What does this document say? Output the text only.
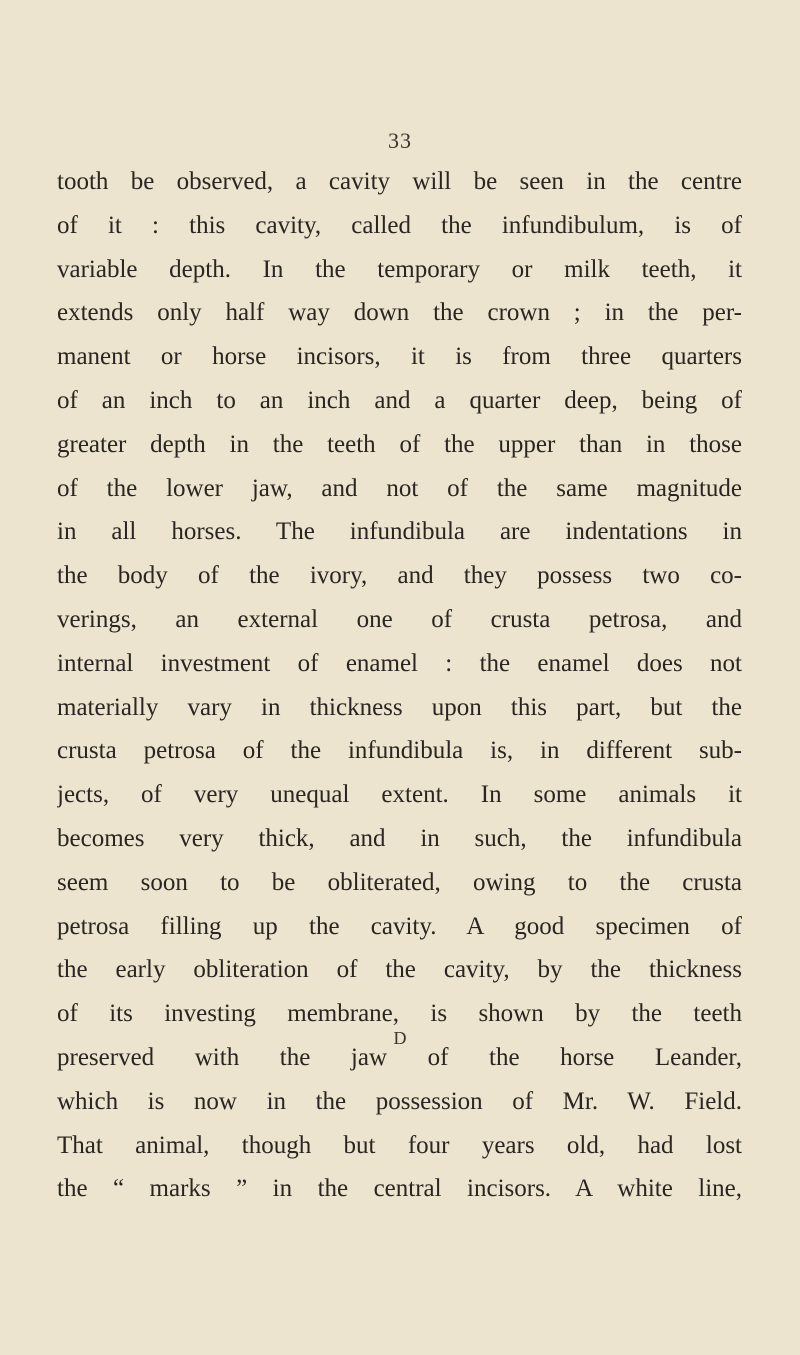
33
tooth be observed, a cavity will be seen in the centre
of it : this cavity, called the infundibulum, is of
variable depth. In the temporary or milk teeth, it
extends only half way down the crown ; in the per-
manent or horse incisors, it is from three quarters
of an inch to an inch and a quarter deep, being of
greater depth in the teeth of the upper than in those
of the lower jaw, and not of the same magnitude
in all horses. The infundibula are indentations in
the body of the ivory, and they possess two co-
verings, an external one of crusta petrosa, and
internal investment of enamel : the enamel does not
materially vary in thickness upon this part, but the
crusta petrosa of the infundibula is, in different sub-
jects, of very unequal extent. In some animals it
becomes very thick, and in such, the infundibula
seem soon to be obliterated, owing to the crusta
petrosa filling up the cavity. A good specimen of
the early obliteration of the cavity, by the thickness
of its investing membrane, is shown by the teeth
preserved with the jaw of the horse Leander,
which is now in the possession of Mr. W. Field.
That animal, though but four years old, had lost
the “ marks ” in the central incisors. A white line,
D
